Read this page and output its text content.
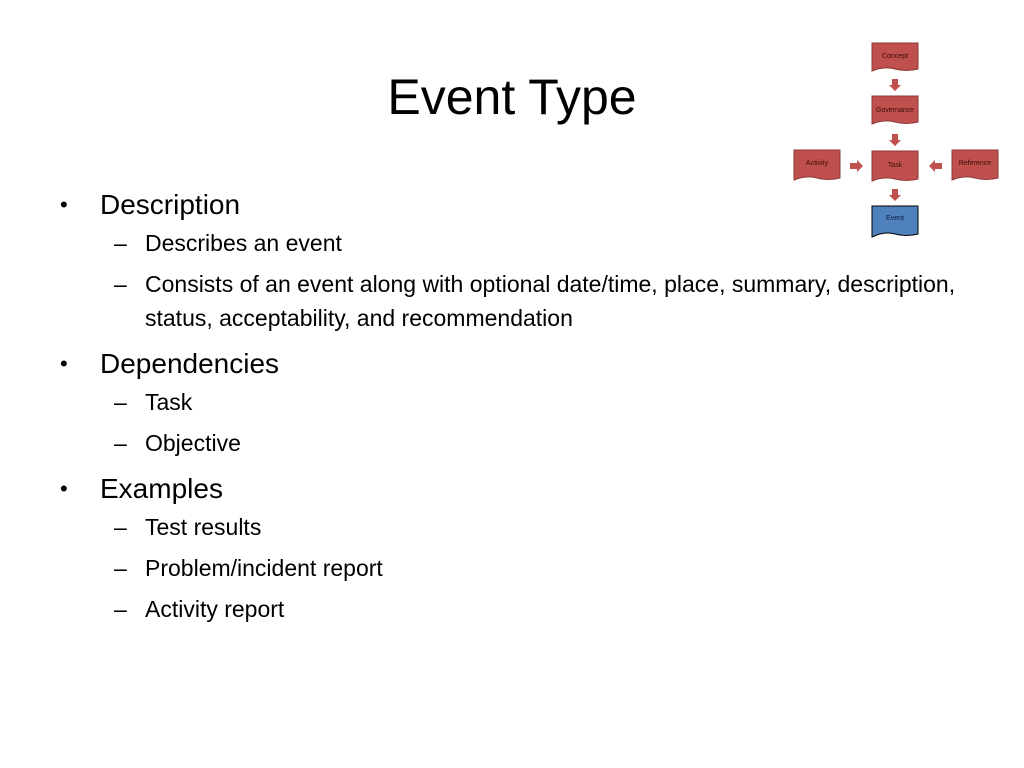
Event Type
• Description
– Describes an event
– Consists of an event along with optional date/time, place, summary, description, status, acceptability, and recommendation
• Dependencies
– Task
– Objective
• Examples
– Test results
– Problem/incident report
– Activity report
Concept
Governance
Activity	Task	Reference
Event
